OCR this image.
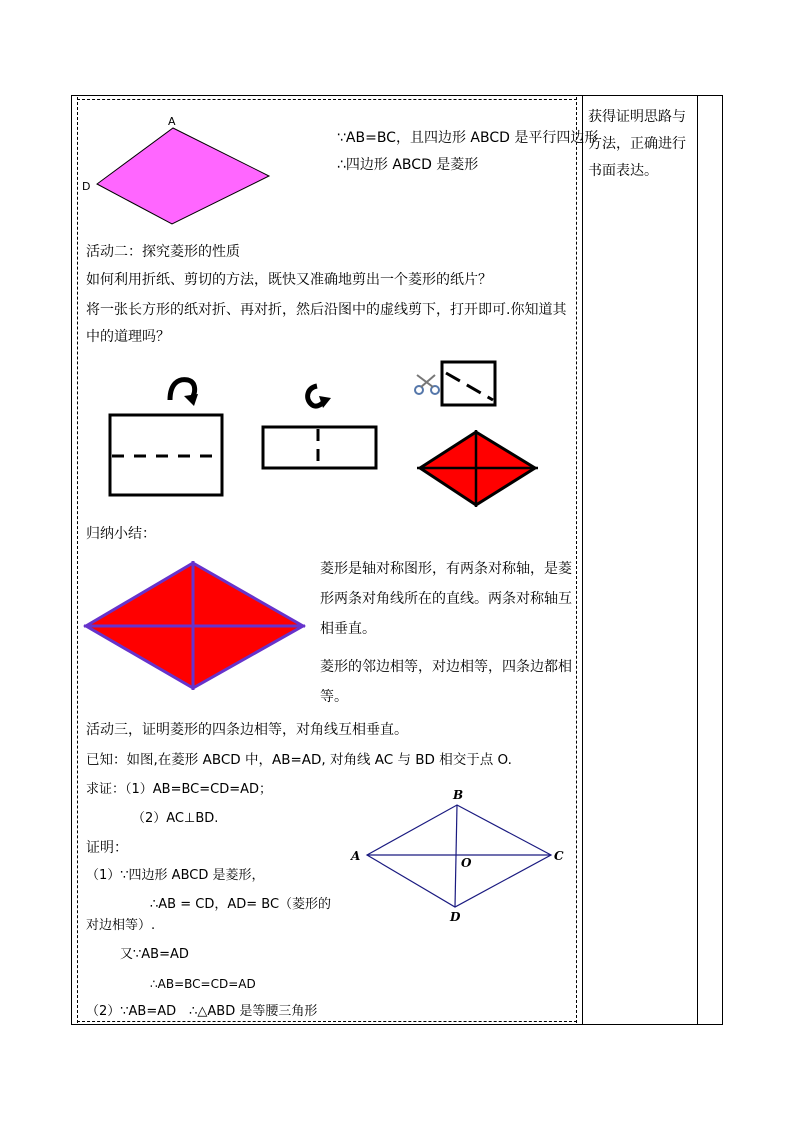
A
D
∵AB=BC，且四边形 ABCD 是平行四边形
∴四边形 ABCD 是菱形
获得证明思路与方法，正确进行书面表达。
活动二：探究菱形的性质
如何利用折纸、剪切的方法，既快又准确地剪出一个菱形的纸片？
将一张长方形的纸对折、再对折，然后沿图中的虚线剪下，打开即可.你知道其中的道理吗？
归纳小结：
菱形是轴对称图形，有两条对称轴，是菱形两条对角线所在的直线。两条对称轴互相垂直。
菱形的邻边相等，对边相等，四条边都相等。
活动三，证明菱形的四条边相等，对角线互相垂直。
已知：如图,在菱形 ABCD 中，AB=AD, 对角线 AC 与 BD 相交于点 O.
求证：（1）AB=BC=CD=AD；
（2）AC⊥BD.
证明：
（1）∵四边形 ABCD 是菱形，
∴AB = CD，AD= BC（菱形的
对边相等）.
又∵AB=AD
∴AB=BC=CD=AD
（2）∵AB=AD　∴△ABD 是等腰三角形
B
A	C
D
O
